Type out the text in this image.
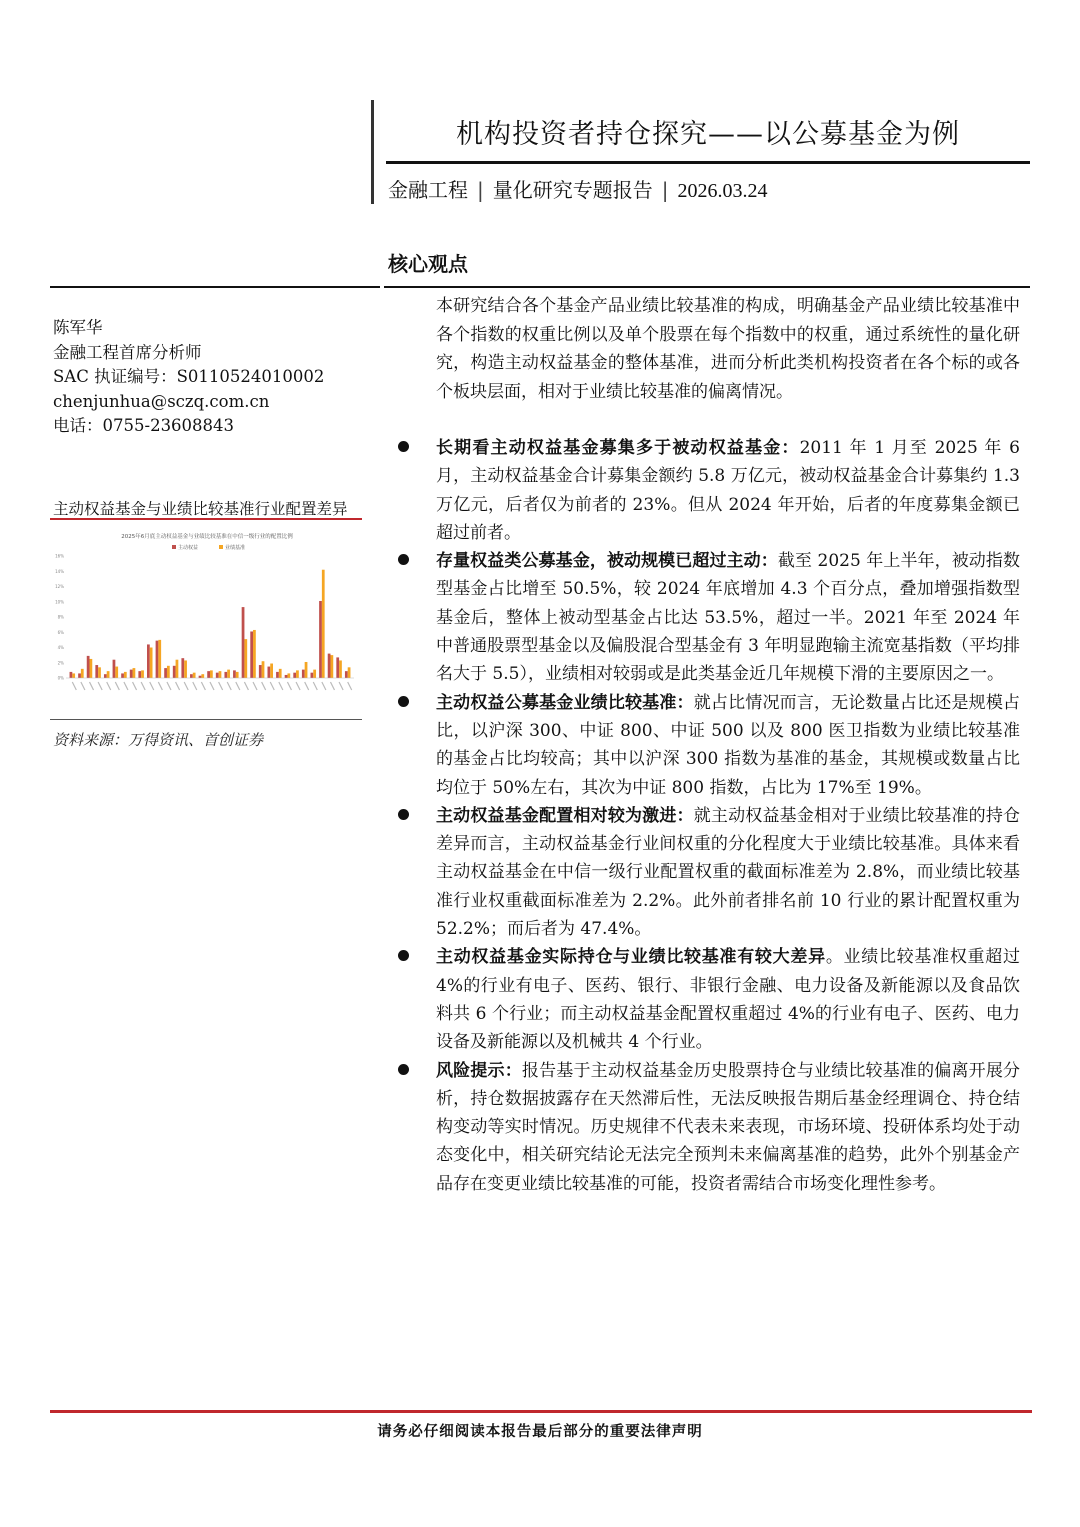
机构投资者持仓探究——以公募基金为例
金融工程 | 量化研究专题报告 | 2026.03.24
核心观点
陈军华
金融工程首席分析师
SAC 执证编号：S0110524010002
chenjunhua@sczq.com.cn
电话：0755-23608843
主动权益基金与业绩比较基准行业配置差异
2025年6月底主动权益基金与业绩比较基准在中信一级行业的配置比例
主动权益	业绩基准
16%
14%
12%
10%
8%
6%
4%
2%
0%
资料来源：万得资讯、首创证券
本研究结合各个基金产品业绩比较基准的构成，明确基金产品业绩比较基准中各个指数的权重比例以及单个股票在每个指数中的权重，通过系统性的量化研究，构造主动权益基金的整体基准，进而分析此类机构投资者在各个标的或各个板块层面，相对于业绩比较基准的偏离情况。
长期看主动权益基金募集多于被动权益基金：2011 年 1 月至 2025 年 6 月，主动权益基金合计募集金额约 5.8 万亿元，被动权益基金合计募集约 1.3 万亿元，后者仅为前者的 23%。但从 2024 年开始，后者的年度募集金额已超过前者。
存量权益类公募基金，被动规模已超过主动：截至 2025 年上半年，被动指数型基金占比增至 50.5%，较 2024 年底增加 4.3 个百分点，叠加增强指数型基金后，整体上被动型基金占比达 53.5%，超过一半。2021 年至 2024 年中普通股票型基金以及偏股混合型基金有 3 年明显跑输主流宽基指数（平均排名大于 5.5），业绩相对较弱或是此类基金近几年规模下滑的主要原因之一。
主动权益公募基金业绩比较基准：就占比情况而言，无论数量占比还是规模占比，以沪深 300、中证 800、中证 500 以及 800 医卫指数为业绩比较基准的基金占比均较高；其中以沪深 300 指数为基准的基金，其规模或数量占比均位于 50%左右，其次为中证 800 指数，占比为 17%至 19%。
主动权益基金配置相对较为激进：就主动权益基金相对于业绩比较基准的持仓差异而言，主动权益基金行业间权重的分化程度大于业绩比较基准。具体来看主动权益基金在中信一级行业配置权重的截面标准差为 2.8%，而业绩比较基准行业权重截面标准差为 2.2%。此外前者排名前 10 行业的累计配置权重为 52.2%；而后者为 47.4%。
主动权益基金实际持仓与业绩比较基准有较大差异。业绩比较基准权重超过 4%的行业有电子、医药、银行、非银行金融、电力设备及新能源以及食品饮料共 6 个行业；而主动权益基金配置权重超过 4%的行业有电子、医药、电力设备及新能源以及机械共 4 个行业。
风险提示：报告基于主动权益基金历史股票持仓与业绩比较基准的偏离开展分析，持仓数据披露存在天然滞后性，无法反映报告期后基金经理调仓、持仓结构变动等实时情况。历史规律不代表未来表现，市场环境、投研体系均处于动态变化中，相关研究结论无法完全预判未来偏离基准的趋势，此外个别基金产品存在变更业绩比较基准的可能，投资者需结合市场变化理性参考。
请务必仔细阅读本报告最后部分的重要法律声明
